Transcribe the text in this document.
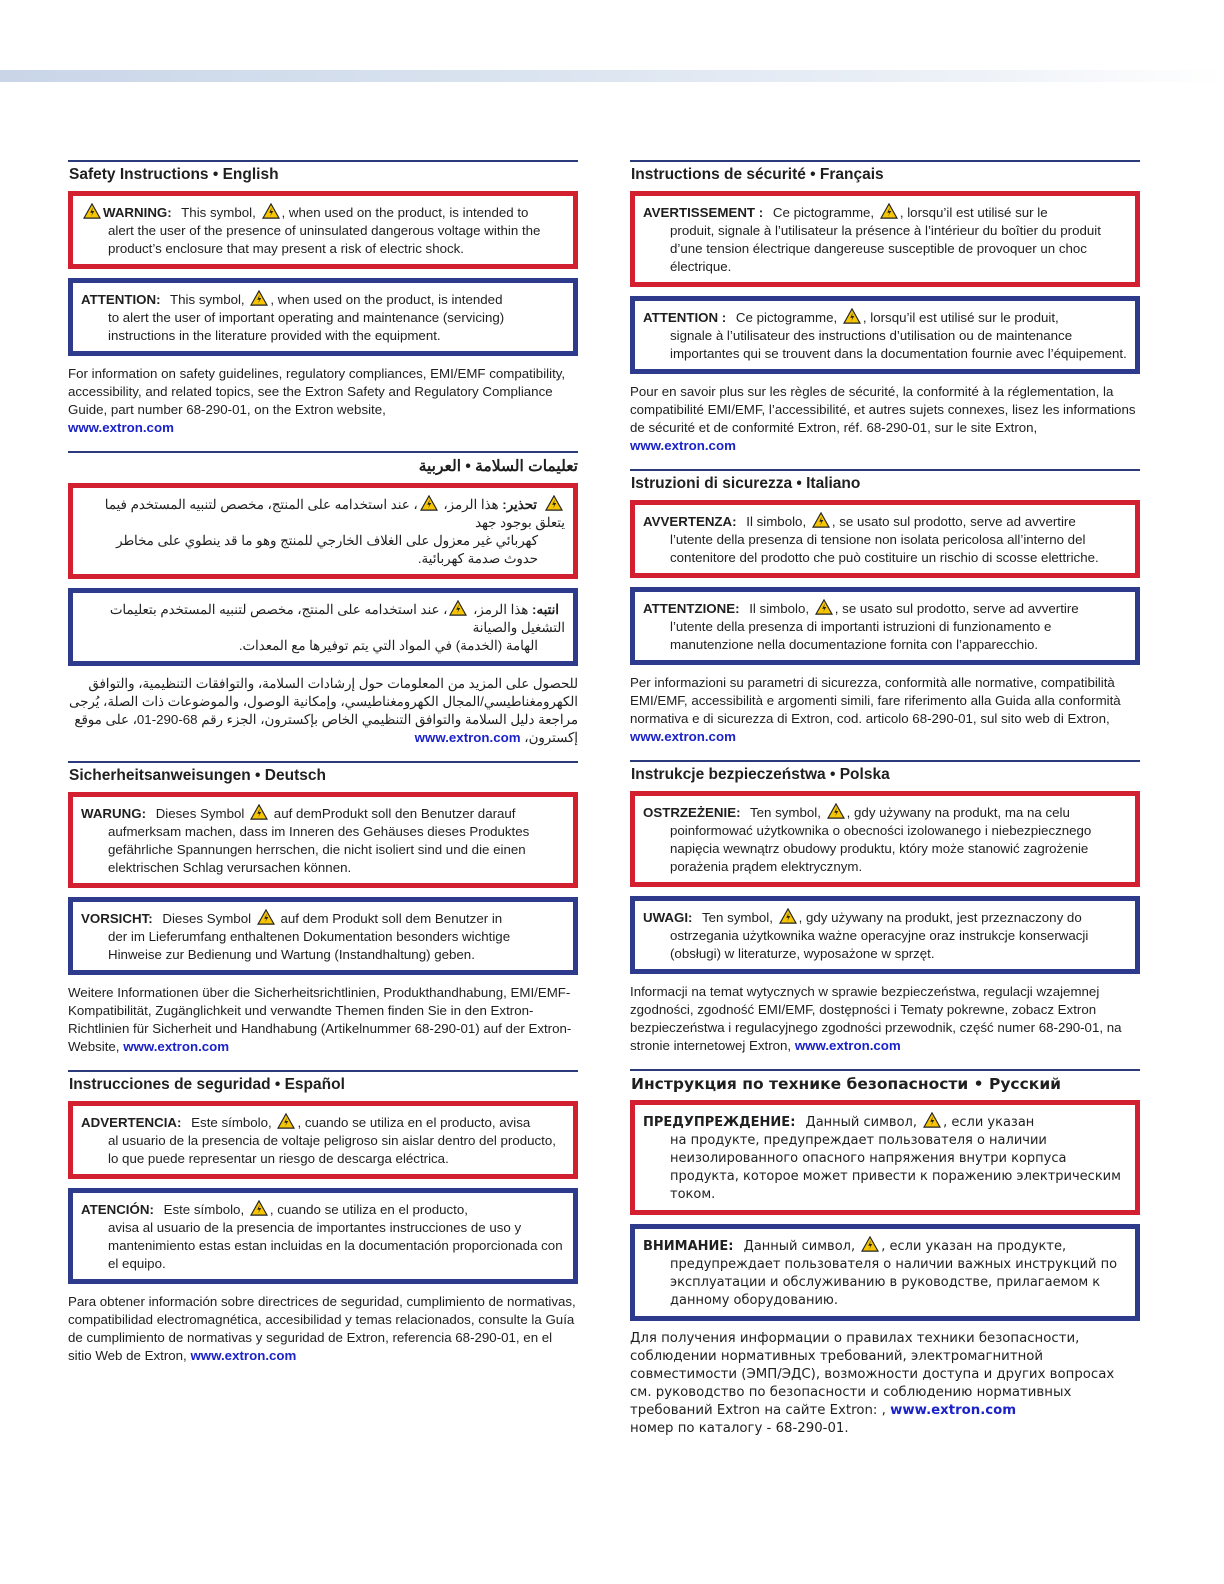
Safety Instructions • English
WARNING: This symbol, , when used on the product, is intended to
alert the user of the presence of uninsulated dangerous voltage within the product’s enclosure that may present a risk of electric shock.
ATTENTION: This symbol, , when used on the product, is intended
to alert the user of important operating and maintenance (servicing) instructions in the literature provided with the equipment.

For information on safety guidelines, regulatory compliances, EMI/EMF compatibility, accessibility, and related topics, see the Extron Safety and Regulatory Compliance Guide, part number 68-290-01, on the Extron website,
www.extron.com

تعليمات السلامة • العربية
تحذير: هذا الرمز، ، عند استخدامه على المنتج، مخصص لتنبيه المستخدم فيما يتعلق بوجود جهد
كهربائي غير معزول على الغلاف الخارجي للمنتج وهو ما قد ينطوي على مخاطر حدوث صدمة كهربائية.
انتبه: هذا الرمز، ، عند استخدامه على المنتج، مخصص لتنبيه المستخدم بتعليمات التشغيل والصيانة
الهامة (الخدمة) في المواد التي يتم توفيرها مع المعدات.

للحصول على المزيد من المعلومات حول إرشادات السلامة، والتوافقات التنظيمية، والتوافق الكهرومغناطيسي/المجال الكهرومغناطيسي، وإمكانية الوصول، والموضوعات ذات الصلة، يُرجى مراجعة دليل السلامة والتوافق التنظيمي الخاص بإكسترون، الجزء رقم 68-290-01، على موقع إكسترون، www.extron.com

Sicherheitsanweisungen • Deutsch
WARUNG: Dieses Symbol auf demProdukt soll den Benutzer darauf
aufmerksam machen, dass im Inneren des Gehäuses dieses Produktes gefährliche Spannungen herrschen, die nicht isoliert sind und die einen elektrischen Schlag verursachen können.
VORSICHT: Dieses Symbol auf dem Produkt soll dem Benutzer in
der im Lieferumfang enthaltenen Dokumentation besonders wichtige Hinweise zur Bedienung und Wartung (Instandhaltung) geben.

Weitere Informationen über die Sicherheitsrichtlinien, Produkthandhabung, EMI/EMF-Kompatibilität, Zugänglichkeit und verwandte Themen finden Sie in den Extron-Richtlinien für Sicherheit und Handhabung (Artikelnummer 68-290-01) auf der Extron-Website, www.extron.com

Instrucciones de seguridad • Español
ADVERTENCIA: Este símbolo, , cuando se utiliza en el producto, avisa
al usuario de la presencia de voltaje peligroso sin aislar dentro del producto, lo que puede representar un riesgo de descarga eléctrica.
ATENCIÓN: Este símbolo, , cuando se utiliza en el producto,
avisa al usuario de la presencia de importantes instrucciones de uso y mantenimiento estas estan incluidas en la documentación proporcionada con el equipo.

Para obtener información sobre directrices de seguridad, cumplimiento de normativas, compatibilidad electromagnética, accesibilidad y temas relacionados, consulte la Guía de cumplimiento de normativas y seguridad de Extron, referencia 68-290-01, en el sitio Web de Extron, www.extron.com

Instructions de sécurité • Français
AVERTISSEMENT : Ce pictogramme, , lorsqu’il est utilisé sur le
produit, signale à l’utilisateur la présence à l’intérieur du boîtier du produit d’une tension électrique dangereuse susceptible de provoquer un choc électrique.
ATTENTION : Ce pictogramme, , lorsqu’il est utilisé sur le produit,
signale à l’utilisateur des instructions d’utilisation ou de maintenance importantes qui se trouvent dans la documentation fournie avec l’équipement.

Pour en savoir plus sur les règles de sécurité, la conformité à la réglementation, la compatibilité EMI/EMF, l’accessibilité, et autres sujets connexes, lisez les informations de sécurité et de conformité Extron, réf. 68-290-01, sur le site Extron,
www.extron.com

Istruzioni di sicurezza • Italiano
AVVERTENZA: Il simbolo, , se usato sul prodotto, serve ad avvertire
l’utente della presenza di tensione non isolata pericolosa all’interno del contenitore del prodotto che può costituire un rischio di scosse elettriche.
ATTENTZIONE: Il simbolo, , se usato sul prodotto, serve ad avvertire
l’utente della presenza di importanti istruzioni di funzionamento e manutenzione nella documentazione fornita con l’apparecchio.

Per informazioni su parametri di sicurezza, conformità alle normative, compatibilità EMI/EMF, accessibilità e argomenti simili, fare riferimento alla Guida alla conformità normativa e di sicurezza di Extron, cod. articolo 68-290-01, sul sito web di Extron, www.extron.com

Instrukcje bezpieczeństwa • Polska
OSTRZEŻENIE: Ten symbol, , gdy używany na produkt, ma na celu
poinformować użytkownika o obecności izolowanego i niebezpiecznego napięcia wewnątrz obudowy produktu, który może stanowić zagrożenie porażenia prądem elektrycznym.
UWAGI: Ten symbol, , gdy używany na produkt, jest przeznaczony do
ostrzegania użytkownika ważne operacyjne oraz instrukcje konserwacji (obsługi) w literaturze, wyposażone w sprzęt.

Informacji na temat wytycznych w sprawie bezpieczeństwa, regulacji wzajemnej zgodności, zgodność EMI/EMF, dostępności i Tematy pokrewne, zobacz Extron bezpieczeństwa i regulacyjnego zgodności przewodnik, część numer 68-290-01, na stronie internetowej Extron, www.extron.com

Инструкция по технике безопасности • Русский
ПРЕДУПРЕЖДЕНИЕ: Данный символ, , если указан
на продукте, предупреждает пользователя о наличии неизолированного опасного напряжения внутри корпуса продукта, которое может привести к поражению электрическим током.
ВНИМАНИЕ: Данный символ, , если указан на продукте,
предупреждает пользователя о наличии важных инструкций по эксплуатации и обслуживанию в руководстве, прилагаемом к данному оборудованию.

Для получения информации о правилах техники безопасности, соблюдении нормативных требований, электромагнитной совместимости (ЭМП/ЭДС), возможности доступа и других вопросах см. руководство по безопасности и соблюдению нормативных требований Extron на сайте Extron: , www.extron.com
номер по каталогу - 68-290-01.
